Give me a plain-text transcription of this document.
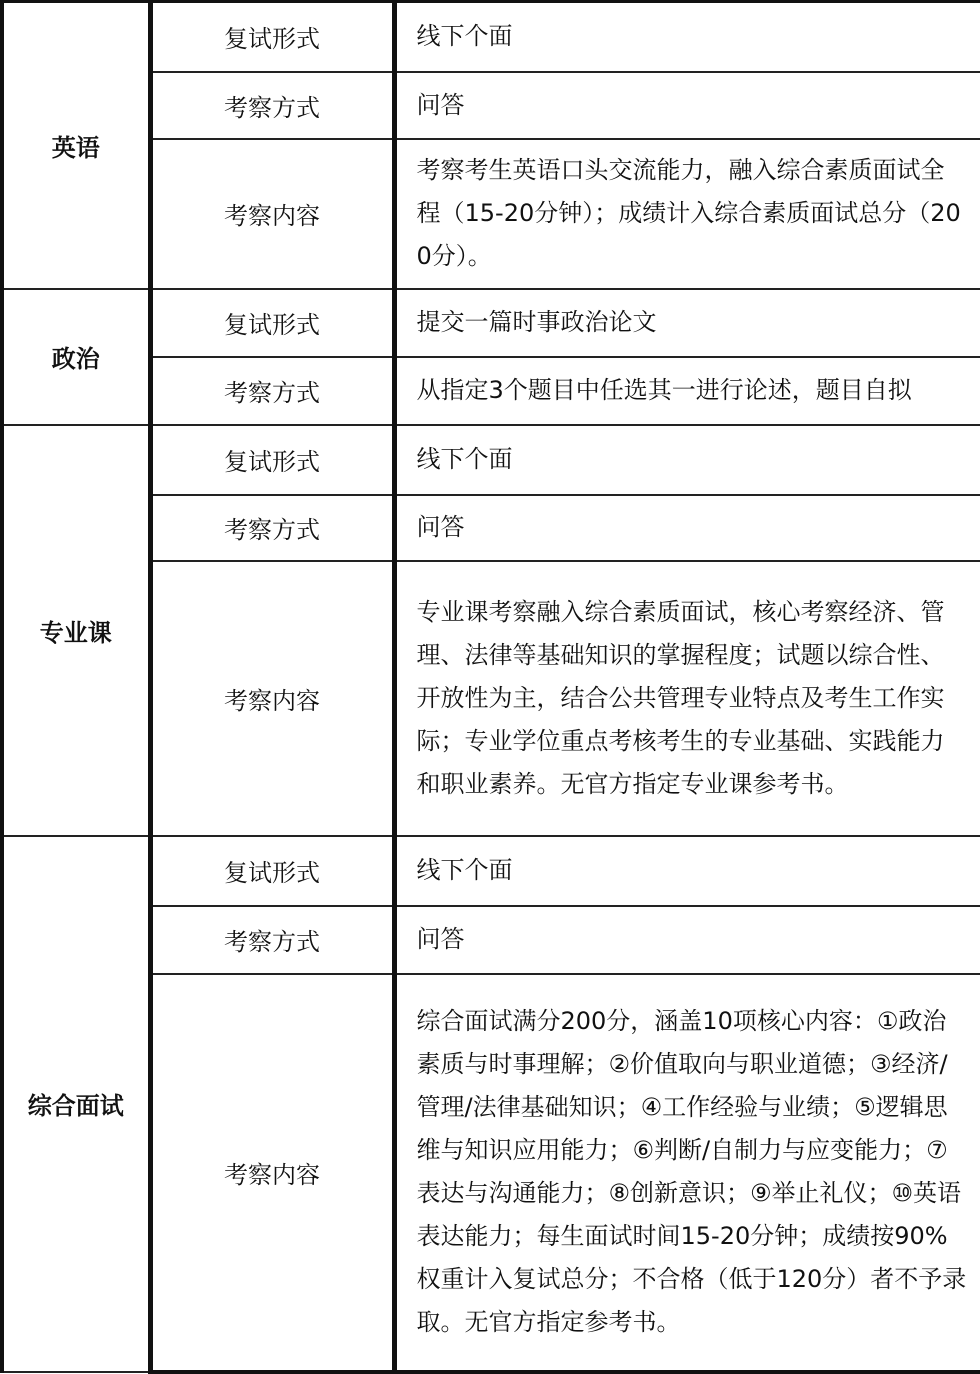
英语	复试形式	线下个面

	考察方式	问答

	考察内容	考察考生英语口头交流能力，融入综合素质面试全程（15-20分钟）；成绩计入综合素质面试总分（200分）。

政治	复试形式	提交一篇时事政治论文

	考察方式	从指定3个题目中任选其一进行论述，题目自拟

专业课	复试形式	线下个面

	考察方式	问答

	考察内容	专业课考察融入综合素质面试，核心考察经济、管理、法律等基础知识的掌握程度；试题以综合性、开放性为主，结合公共管理专业特点及考生工作实际；专业学位重点考核考生的专业基础、实践能力和职业素养。无官方指定专业课参考书。

综合面试	复试形式	线下个面

	考察方式	问答

	考察内容	综合面试满分200分，涵盖10项核心内容：①政治素质与时事理解；②价值取向与职业道德；③经济/管理/法律基础知识；④工作经验与业绩；⑤逻辑思维与知识应用能力；⑥判断/自制力与应变能力；⑦表达与沟通能力；⑧创新意识；⑨举止礼仪；⑩英语表达能力；每生面试时间15-20分钟；成绩按90%权重计入复试总分；不合格（低于120分）者不予录取。无官方指定参考书。
